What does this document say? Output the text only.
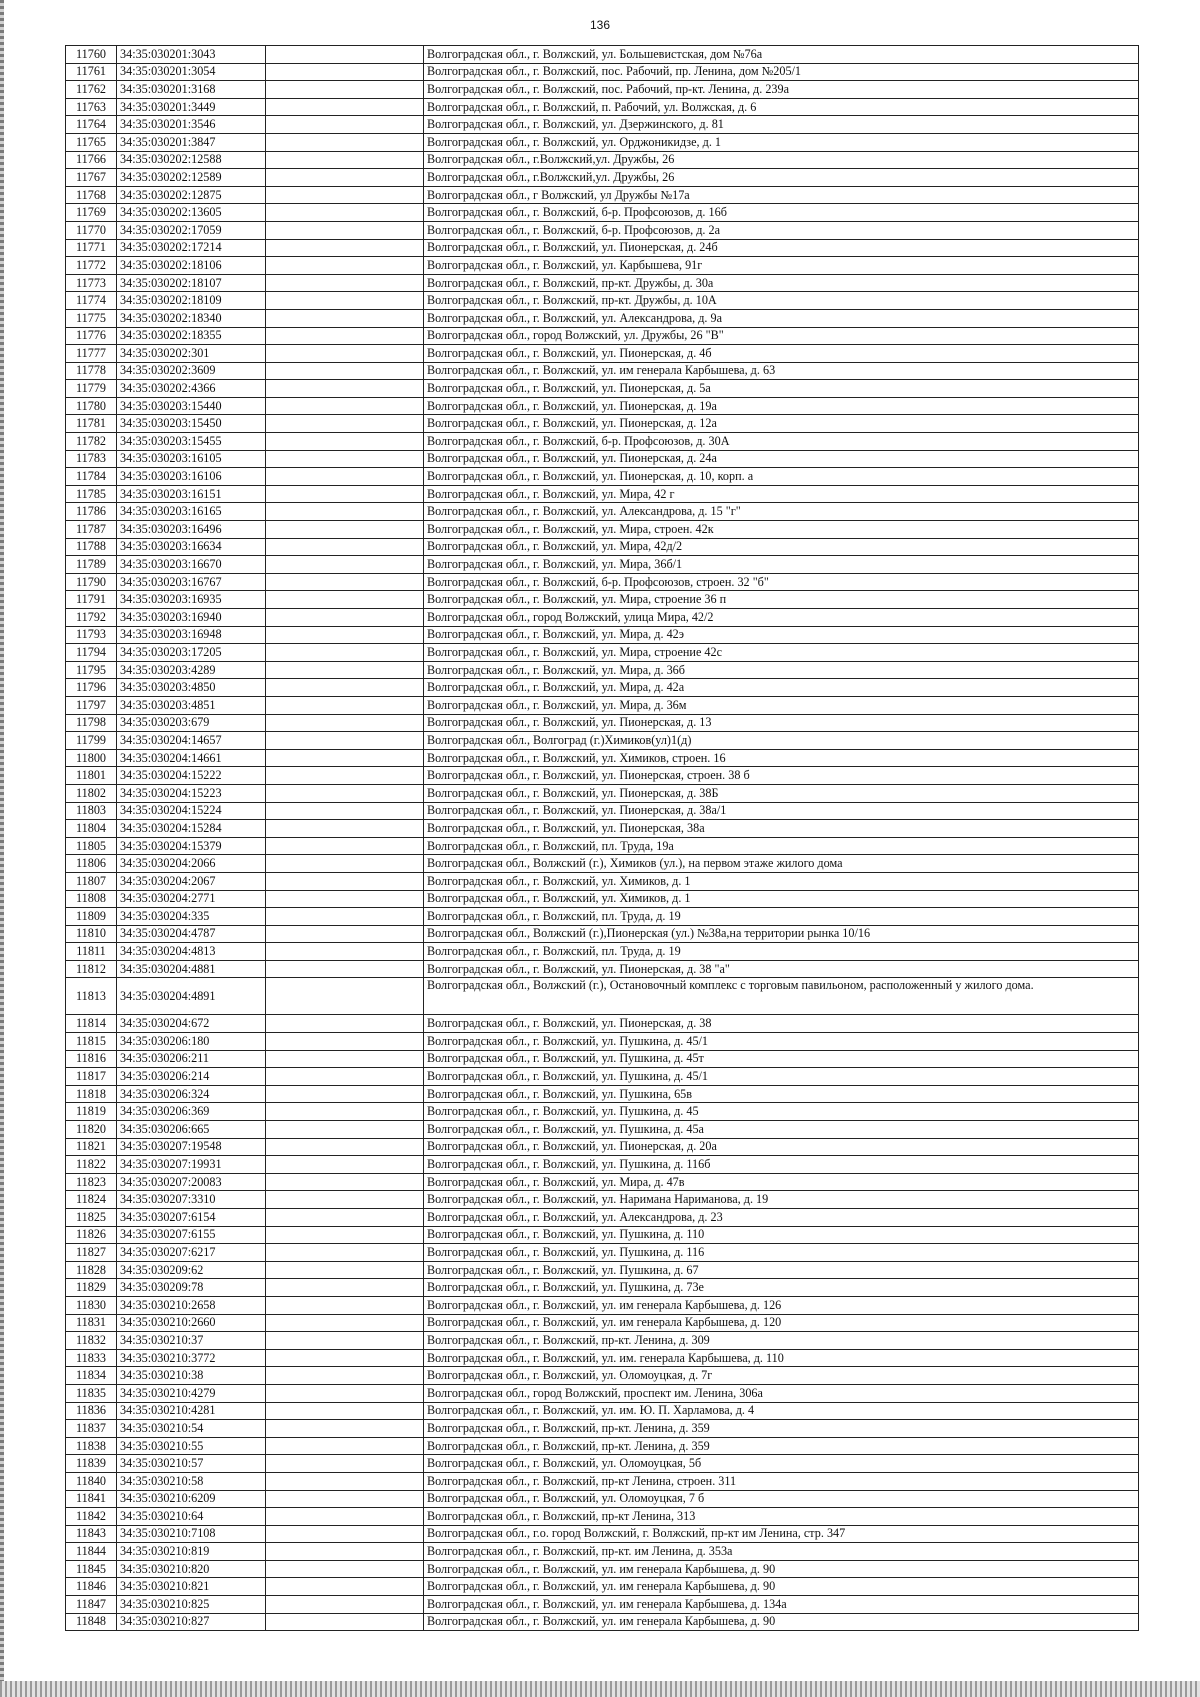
136
11760	34:35:030201:3043		Волгоградская обл., г. Волжский, ул. Большевистская, дом №76а
11761	34:35:030201:3054		Волгоградская обл., г. Волжский, пос. Рабочий, пр. Ленина, дом №205/1
11762	34:35:030201:3168		Волгоградская обл., г. Волжский, пос. Рабочий, пр-кт. Ленина, д. 239а
11763	34:35:030201:3449		Волгоградская обл., г. Волжский, п. Рабочий, ул. Волжская, д. 6
11764	34:35:030201:3546		Волгоградская обл., г. Волжский, ул. Дзержинского, д. 81
11765	34:35:030201:3847		Волгоградская обл., г. Волжский, ул. Орджоникидзе, д. 1
11766	34:35:030202:12588		Волгоградская обл., г.Волжский,ул. Дружбы, 26
11767	34:35:030202:12589		Волгоградская обл., г.Волжский,ул. Дружбы, 26
11768	34:35:030202:12875		Волгоградская обл., г Волжский, ул Дружбы №17а
11769	34:35:030202:13605		Волгоградская обл., г. Волжский, б-р. Профсоюзов, д. 16б
11770	34:35:030202:17059		Волгоградская обл., г. Волжский, б-р. Профсоюзов, д. 2а
11771	34:35:030202:17214		Волгоградская обл., г. Волжский, ул. Пионерская, д. 24б
11772	34:35:030202:18106		Волгоградская обл., г. Волжский, ул. Карбышева, 91г
11773	34:35:030202:18107		Волгоградская обл., г. Волжский, пр-кт. Дружбы, д. 30а
11774	34:35:030202:18109		Волгоградская обл., г. Волжский, пр-кт. Дружбы, д. 10А
11775	34:35:030202:18340		Волгоградская обл., г. Волжский, ул. Александрова, д. 9а
11776	34:35:030202:18355		Волгоградская обл., город Волжский, ул. Дружбы, 26 "В"
11777	34:35:030202:301		Волгоградская обл., г. Волжский, ул. Пионерская, д. 4б
11778	34:35:030202:3609		Волгоградская обл., г. Волжский, ул. им генерала Карбышева, д. 63
11779	34:35:030202:4366		Волгоградская обл., г. Волжский, ул. Пионерская, д. 5а
11780	34:35:030203:15440		Волгоградская обл., г. Волжский, ул. Пионерская, д. 19а
11781	34:35:030203:15450		Волгоградская обл., г. Волжский, ул. Пионерская, д. 12а
11782	34:35:030203:15455		Волгоградская обл., г. Волжский, б-р. Профсоюзов, д. 30А
11783	34:35:030203:16105		Волгоградская обл., г. Волжский, ул. Пионерская, д. 24а
11784	34:35:030203:16106		Волгоградская обл., г. Волжский, ул. Пионерская, д. 10, корп. а
11785	34:35:030203:16151		Волгоградская обл., г. Волжский, ул. Мира, 42 г
11786	34:35:030203:16165		Волгоградская обл., г. Волжский, ул. Александрова, д. 15 "г"
11787	34:35:030203:16496		Волгоградская обл., г. Волжский, ул. Мира, строен. 42к
11788	34:35:030203:16634		Волгоградская обл., г. Волжский, ул. Мира, 42д/2
11789	34:35:030203:16670		Волгоградская обл., г. Волжский, ул. Мира, 36б/1
11790	34:35:030203:16767		Волгоградская обл., г. Волжский, б-р. Профсоюзов, строен. 32 "б"
11791	34:35:030203:16935		Волгоградская обл., г. Волжский, ул. Мира, строение 36 п
11792	34:35:030203:16940		Волгоградская обл., город Волжский, улица Мира, 42/2
11793	34:35:030203:16948		Волгоградская обл., г. Волжский, ул. Мира, д. 42э
11794	34:35:030203:17205		Волгоградская обл., г. Волжский, ул. Мира, строение 42с
11795	34:35:030203:4289		Волгоградская обл., г. Волжский, ул. Мира, д. 36б
11796	34:35:030203:4850		Волгоградская обл., г. Волжский, ул. Мира, д. 42а
11797	34:35:030203:4851		Волгоградская обл., г. Волжский, ул. Мира, д. 36м
11798	34:35:030203:679		Волгоградская обл., г. Волжский, ул. Пионерская, д. 13
11799	34:35:030204:14657		Волгоградская обл., Волгоград (г.)Химиков(ул)1(д)
11800	34:35:030204:14661		Волгоградская обл., г. Волжский, ул. Химиков, строен. 16
11801	34:35:030204:15222		Волгоградская обл., г. Волжский, ул. Пионерская, строен. 38 б
11802	34:35:030204:15223		Волгоградская обл., г. Волжский, ул. Пионерская, д. 38Б
11803	34:35:030204:15224		Волгоградская обл., г. Волжский, ул. Пионерская, д. 38а/1
11804	34:35:030204:15284		Волгоградская обл., г. Волжский, ул. Пионерская, 38а
11805	34:35:030204:15379		Волгоградская обл., г. Волжский, пл. Труда, 19а
11806	34:35:030204:2066		Волгоградская обл., Волжский (г.), Химиков (ул.), на первом этаже жилого дома
11807	34:35:030204:2067		Волгоградская обл., г. Волжский, ул. Химиков, д. 1
11808	34:35:030204:2771		Волгоградская обл., г. Волжский, ул. Химиков, д. 1
11809	34:35:030204:335		Волгоградская обл., г. Волжский, пл. Труда, д. 19
11810	34:35:030204:4787		Волгоградская обл., Волжский (г.),Пионерская (ул.) №38а,на территории рынка 10/16
11811	34:35:030204:4813		Волгоградская обл., г. Волжский, пл. Труда, д. 19
11812	34:35:030204:4881		Волгоградская обл., г. Волжский, ул. Пионерская, д. 38 "а"
11813	34:35:030204:4891		Волгоградская обл., Волжский (г.), Остановочный комплекс с торговым павильоном, расположенный у жилого дома.
11814	34:35:030204:672		Волгоградская обл., г. Волжский, ул. Пионерская, д. 38
11815	34:35:030206:180		Волгоградская обл., г. Волжский, ул. Пушкина, д. 45/1
11816	34:35:030206:211		Волгоградская обл., г. Волжский, ул. Пушкина, д. 45т
11817	34:35:030206:214		Волгоградская обл., г. Волжский, ул. Пушкина, д. 45/1
11818	34:35:030206:324		Волгоградская обл., г. Волжский, ул. Пушкина, 65в
11819	34:35:030206:369		Волгоградская обл., г. Волжский, ул. Пушкина, д. 45
11820	34:35:030206:665		Волгоградская обл., г. Волжский, ул. Пушкина, д. 45а
11821	34:35:030207:19548		Волгоградская обл., г. Волжский, ул. Пионерская, д. 20а
11822	34:35:030207:19931		Волгоградская обл., г. Волжский, ул. Пушкина, д. 116б
11823	34:35:030207:20083		Волгоградская обл., г. Волжский, ул. Мира, д. 47в
11824	34:35:030207:3310		Волгоградская обл., г. Волжский, ул. Наримана Нариманова, д. 19
11825	34:35:030207:6154		Волгоградская обл., г. Волжский, ул. Александрова, д. 23
11826	34:35:030207:6155		Волгоградская обл., г. Волжский, ул. Пушкина, д. 110
11827	34:35:030207:6217		Волгоградская обл., г. Волжский, ул. Пушкина, д. 116
11828	34:35:030209:62		Волгоградская обл., г. Волжский, ул. Пушкина, д. 67
11829	34:35:030209:78		Волгоградская обл., г. Волжский, ул. Пушкина, д. 73е
11830	34:35:030210:2658		Волгоградская обл., г. Волжский, ул. им генерала Карбышева, д. 126
11831	34:35:030210:2660		Волгоградская обл., г. Волжский, ул. им генерала Карбышева, д. 120
11832	34:35:030210:37		Волгоградская обл., г. Волжский, пр-кт. Ленина, д. 309
11833	34:35:030210:3772		Волгоградская обл., г. Волжский, ул. им. генерала Карбышева, д. 110
11834	34:35:030210:38		Волгоградская обл., г. Волжский, ул. Оломоуцкая, д. 7г
11835	34:35:030210:4279		Волгоградская обл., город Волжский, проспект им. Ленина, 306а
11836	34:35:030210:4281		Волгоградская обл., г. Волжский, ул. им. Ю. П. Харламова, д. 4
11837	34:35:030210:54		Волгоградская обл., г. Волжский, пр-кт. Ленина, д. 359
11838	34:35:030210:55		Волгоградская обл., г. Волжский, пр-кт. Ленина, д. 359
11839	34:35:030210:57		Волгоградская обл., г. Волжский, ул. Оломоуцкая, 5б
11840	34:35:030210:58		Волгоградская обл., г. Волжский, пр-кт Ленина, строен. 311
11841	34:35:030210:6209		Волгоградская обл., г. Волжский, ул. Оломоуцкая, 7 б
11842	34:35:030210:64		Волгоградская обл., г. Волжский, пр-кт Ленина, 313
11843	34:35:030210:7108		Волгоградская обл., г.о. город Волжский, г. Волжский, пр-кт им Ленина, стр. 347
11844	34:35:030210:819		Волгоградская обл., г. Волжский, пр-кт. им Ленина, д. 353а
11845	34:35:030210:820		Волгоградская обл., г. Волжский, ул. им генерала Карбышева, д. 90
11846	34:35:030210:821		Волгоградская обл., г. Волжский, ул. им генерала Карбышева, д. 90
11847	34:35:030210:825		Волгоградская обл., г. Волжский, ул. им генерала Карбышева, д. 134а
11848	34:35:030210:827		Волгоградская обл., г. Волжский, ул. им генерала Карбышева, д. 90
